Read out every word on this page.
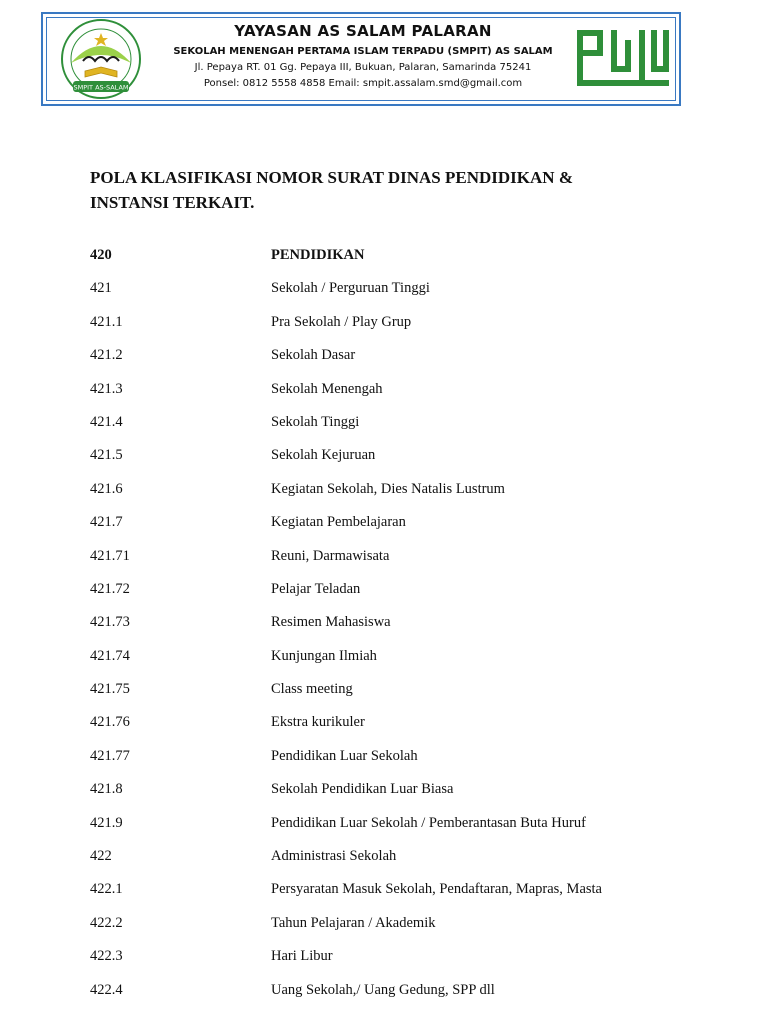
SMPIT AS-SALAM
YAYASAN AS SALAM PALARAN
SEKOLAH MENENGAH PERTAMA ISLAM TERPADU (SMPIT) AS SALAM
Jl. Pepaya RT. 01 Gg. Pepaya III, Bukuan, Palaran, Samarinda 75241
Ponsel: 0812 5558 4858 Email: smpit.assalam.smd@gmail.com
POLA KLASIFIKASI NOMOR SURAT DINAS PENDIDIKAN &
INSTANSI TERKAIT.
420	PENDIDIKAN
421	Sekolah / Perguruan Tinggi
421.1	Pra Sekolah / Play Grup
421.2	Sekolah Dasar
421.3	Sekolah Menengah
421.4	Sekolah Tinggi
421.5	Sekolah Kejuruan
421.6	Kegiatan Sekolah, Dies Natalis Lustrum
421.7	Kegiatan Pembelajaran
421.71	Reuni, Darmawisata
421.72	Pelajar Teladan
421.73	Resimen Mahasiswa
421.74	Kunjungan Ilmiah
421.75	Class meeting
421.76	Ekstra kurikuler
421.77	Pendidikan Luar Sekolah
421.8	Sekolah Pendidikan Luar Biasa
421.9	Pendidikan Luar Sekolah / Pemberantasan Buta Huruf
422	Administrasi Sekolah
422.1	Persyaratan Masuk Sekolah, Pendaftaran, Mapras, Masta
422.2	Tahun Pelajaran / Akademik
422.3	Hari Libur
422.4	Uang Sekolah,/ Uang Gedung, SPP dll
